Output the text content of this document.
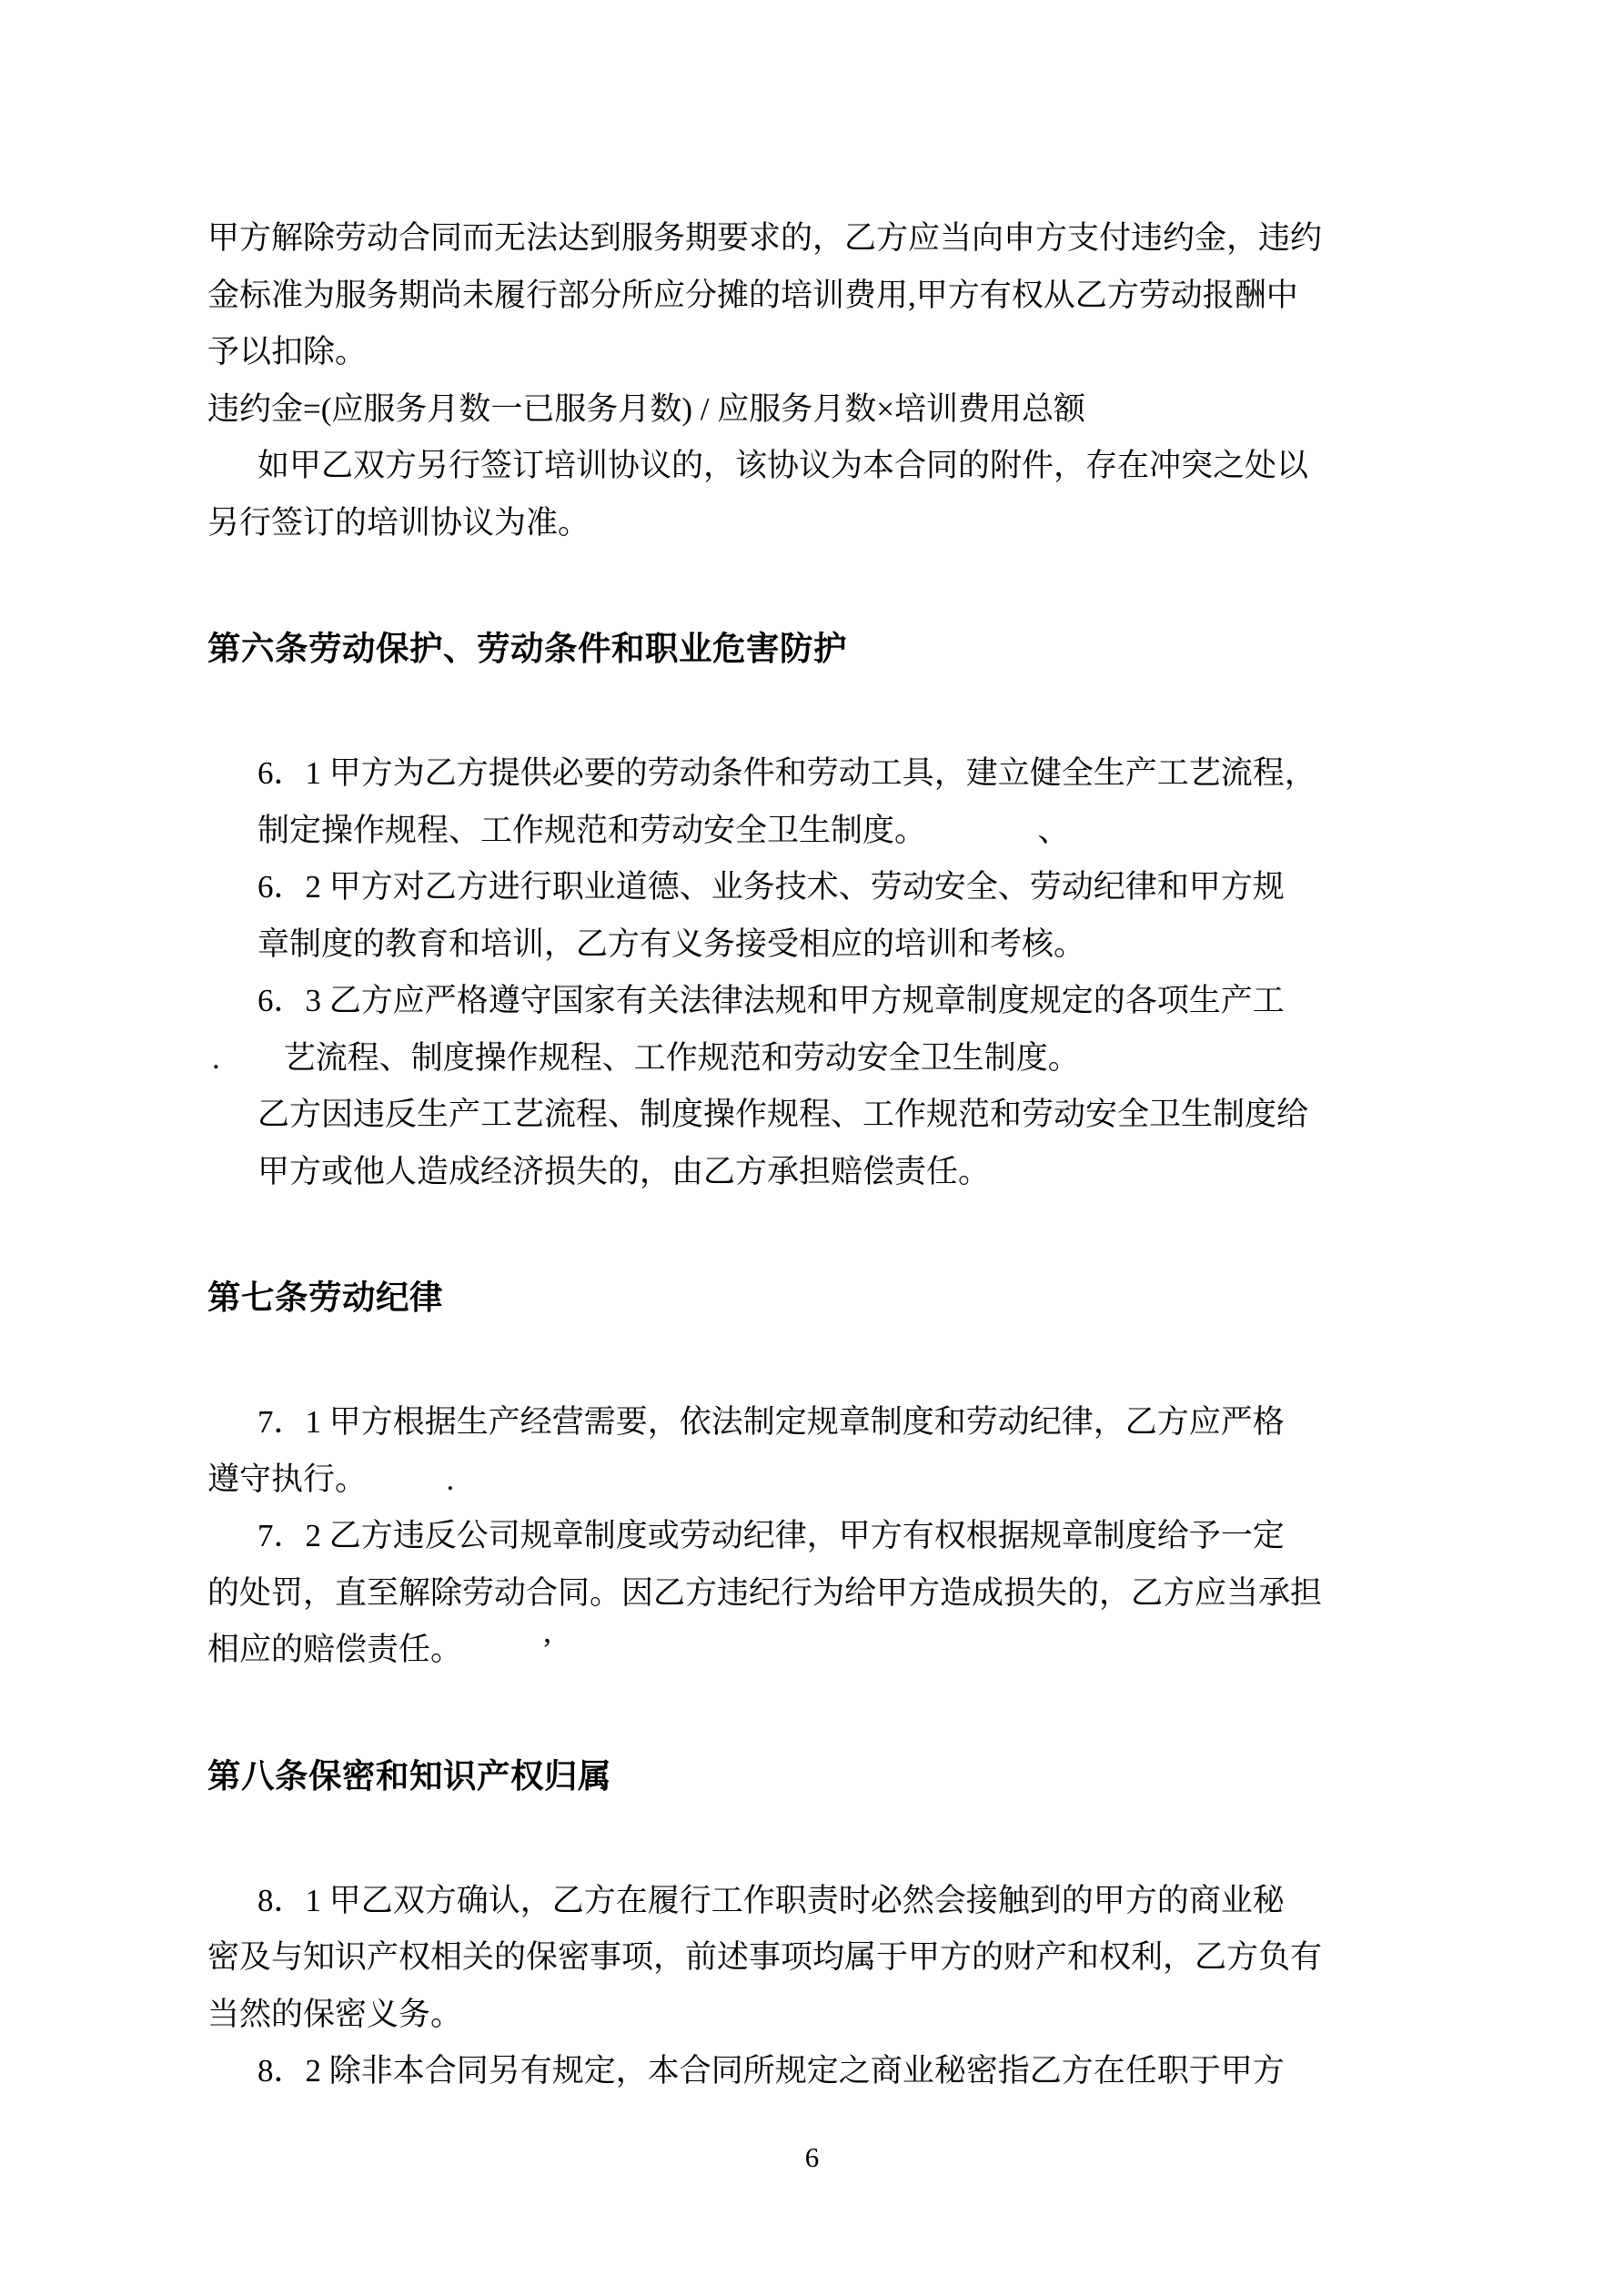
甲方解除劳动合同而无法达到服务期要求的，乙方应当向申方支付违约金，违约
金标准为服务期尚未履行部分所应分摊的培训费用,甲方有权从乙方劳动报酬中
予以扣除。
违约金=(应服务月数一已服务月数) / 应服务月数×培训费用总额
如甲乙双方另行签订培训协议的，该协议为本合同的附件，存在冲突之处以
另行签订的培训协议为准。
第六条劳动保护、劳动条件和职业危害防护
6．1 甲方为乙方提供必要的劳动条件和劳动工具，建立健全生产工艺流程，
制定操作规程、工作规范和劳动安全卫生制度。　　　　、
6．2 甲方对乙方进行职业道德、业务技术、劳动安全、劳动纪律和甲方规
章制度的教育和培训，乙方有义务接受相应的培训和考核。
6．3 乙方应严格遵守国家有关法律法规和甲方规章制度规定的各项生产工
.　　艺流程、制度操作规程、工作规范和劳动安全卫生制度。
乙方因违反生产工艺流程、制度操作规程、工作规范和劳动安全卫生制度给
甲方或他人造成经济损失的，由乙方承担赔偿责任。
第七条劳动纪律
7．1 甲方根据生产经营需要，依法制定规章制度和劳动纪律，乙方应严格
遵守执行。　　　.
7．2 乙方违反公司规章制度或劳动纪律，甲方有权根据规章制度给予一定
的处罚，直至解除劳动合同。因乙方违纪行为给甲方造成损失的，乙方应当承担
相应的赔偿责任。　　　’
第八条保密和知识产权归属
8．1 甲乙双方确认，乙方在履行工作职责时必然会接触到的甲方的商业秘
密及与知识产权相关的保密事项，前述事项均属于甲方的财产和权利，乙方负有
当然的保密义务。
8．2 除非本合同另有规定，本合同所规定之商业秘密指乙方在任职于甲方
6
